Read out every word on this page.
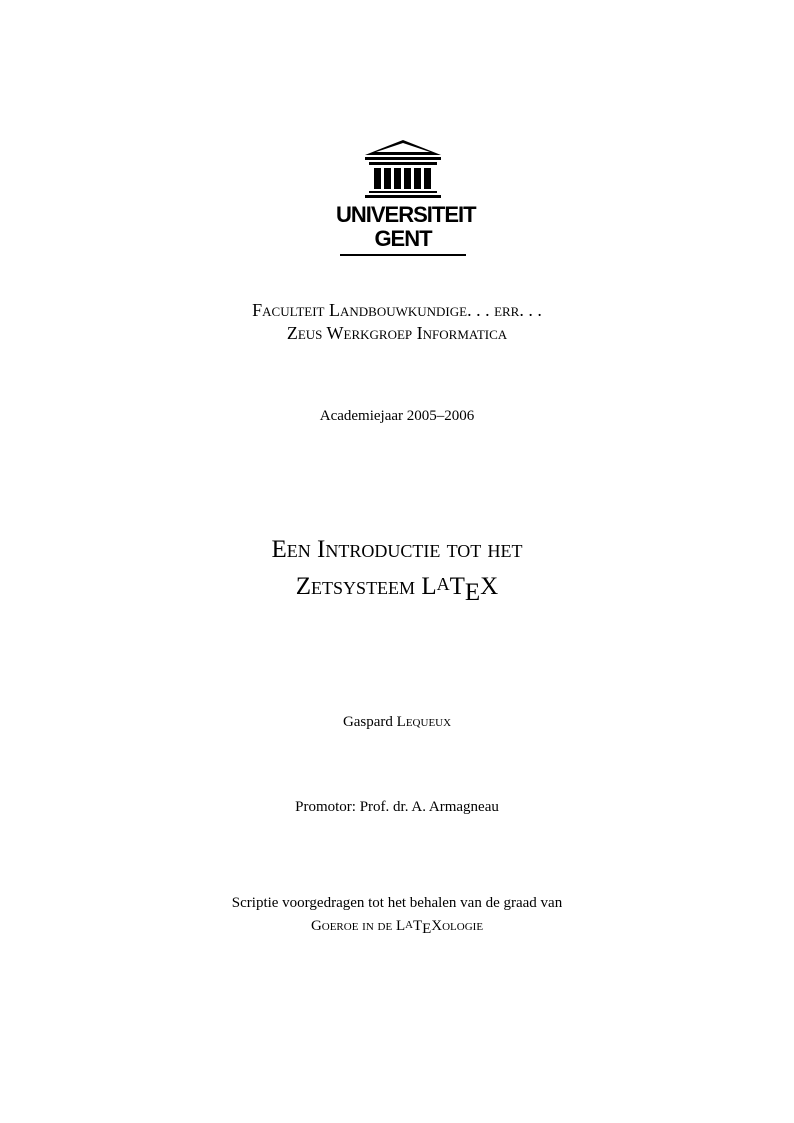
UNIVERSITEIT
GENT
Faculteit Landbouwkundige. . . err. . .
Zeus Werkgroep Informatica
Academiejaar 2005–2006
Een Introductie tot het
Zetsysteem LATEX
Gaspard Lequeux
Promotor: Prof. dr. A. Armagneau
Scriptie voorgedragen tot het behalen van de graad van
Goeroe in de LATEXologie
